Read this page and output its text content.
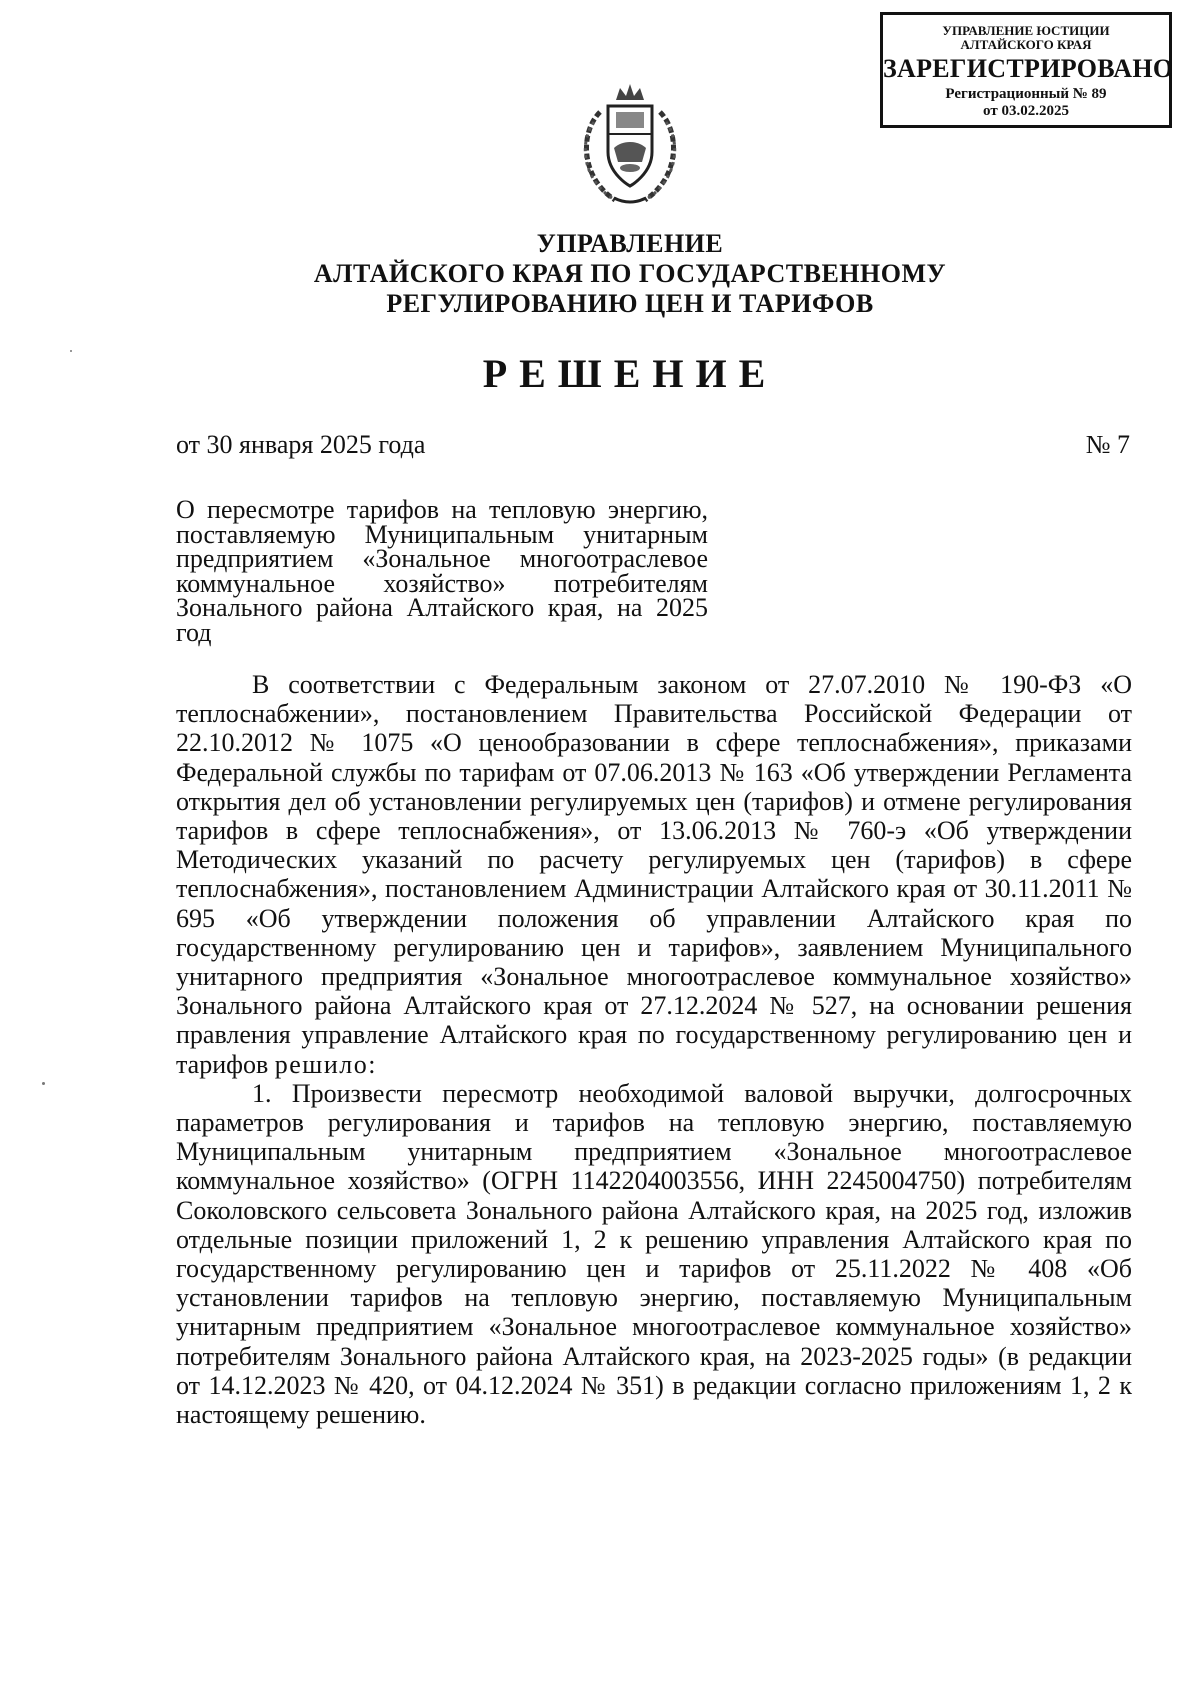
УПРАВЛЕНИЕ ЮСТИЦИИ
АЛТАЙСКОГО КРАЯ
ЗАРЕГИСТРИРОВАНО
Регистрационный № 89
от 03.02.2025
УПРАВЛЕНИЕ
АЛТАЙСКОГО КРАЯ ПО ГОСУДАРСТВЕННОМУ
РЕГУЛИРОВАНИЮ ЦЕН И ТАРИФОВ
РЕШЕНИЕ
от 30 января 2025 года	№ 7
О пересмотре тарифов на тепловую энергию, поставляемую Муниципальным унитарным предприятием «Зональное многоотраслевое коммунальное хозяйство» потребителям Зонального района Алтайского края, на 2025 год

В соответствии с Федеральным законом от 27.07.2010 № 190-ФЗ «О теплоснабжении», постановлением Правительства Российской Федерации от 22.10.2012 № 1075 «О ценообразовании в сфере теплоснабжения», приказами Федеральной службы по тарифам от 07.06.2013 № 163 «Об утверждении Регламента открытия дел об установлении регулируемых цен (тарифов) и отмене регулирования тарифов в сфере теплоснабжения», от 13.06.2013 № 760-э «Об утверждении Методических указаний по расчету регулируемых цен (тарифов) в сфере теплоснабжения», постановлением Администрации Алтайского края от 30.11.2011 № 695 «Об утверждении положения об управлении Алтайского края по государственному регулированию цен и тарифов», заявлением Муниципального унитарного предприятия «Зональное многоотраслевое коммунальное хозяйство» Зонального района Алтайского края от 27.12.2024 № 527, на основании решения правления управление Алтайского края по государственному регулированию цен и тарифов решило:

1. Произвести пересмотр необходимой валовой выручки, долгосрочных параметров регулирования и тарифов на тепловую энергию, поставляемую Муниципальным унитарным предприятием «Зональное многоотраслевое коммунальное хозяйство» (ОГРН 1142204003556, ИНН 2245004750) потребителям Соколовского сельсовета Зонального района Алтайского края, на 2025 год, изложив отдельные позиции приложений 1, 2 к решению управления Алтайского края по государственному регулированию цен и тарифов от 25.11.2022 № 408 «Об установлении тарифов на тепловую энергию, поставляемую Муниципальным унитарным предприятием «Зональное многоотраслевое коммунальное хозяйство» потребителям Зонального района Алтайского края, на 2023-2025 годы» (в редакции от 14.12.2023 № 420, от 04.12.2024 № 351) в редакции согласно приложениям 1, 2 к настоящему решению.
